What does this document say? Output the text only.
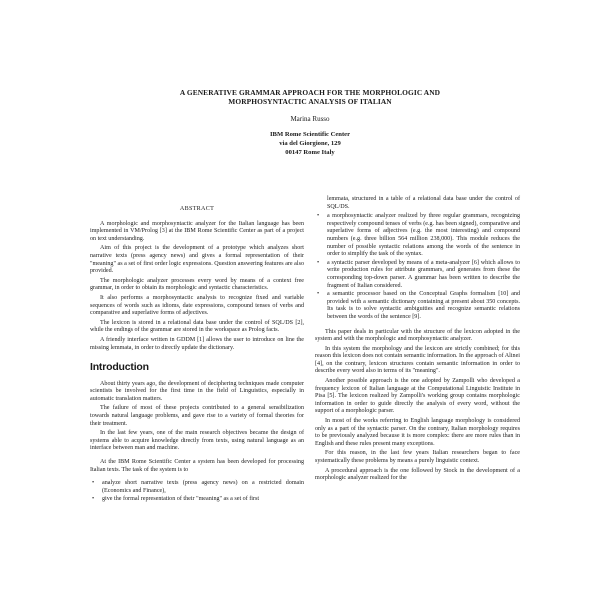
A GENERATIVE GRAMMAR APPROACH FOR THE MORPHOLOGIC AND
MORPHOSYNTACTIC ANALYSIS OF ITALIAN
Marina Russo
IBM Rome Scientific Center
via del Giorgione, 129
00147 Rome Italy
ABSTRACT

A morphologic and morphosyntactic analyzer for the Italian language has been implemented in VM/Prolog [3] at the IBM Rome Scientific Center as part of a project on text understanding.

Aim of this project is the development of a prototype which analyzes short narrative texts (press agency news) and gives a formal representation of their "meaning" as a set of first order logic expressions. Question answering features are also provided.

The morphologic analyzer processes every word by means of a context free grammar, in order to obtain its morphologic and syntactic characteristics.

It also performs a morphosyntactic analysis to recognize fixed and variable sequences of words such as idioms, date expressions, compound tenses of verbs and comparative and superlative forms of adjectives.

The lexicon is stored in a relational data base under the control of SQL/DS [2], while the endings of the grammar are stored in the workspace as Prolog facts.

A friendly interface written in GDDM [1] allows the user to introduce on line the missing lemmata, in order to directly update the dictionary.

Introduction

About thirty years ago, the development of deciphering techniques made computer scientists be involved for the first time in the field of Linguistics, especially in automatic translation matters.

The failure of most of these projects contributed to a general sensibilization towards natural language problems, and gave rise to a variety of formal theories for their treatment.

In the last few years, one of the main research objectives became the design of systems able to acquire knowledge directly from texts, using natural language as an interface between man and machine.

At the IBM Rome Scientific Center a system has been developed for processing Italian texts. The task of the system is to

• analyze short narrative texts (press agency news) on a restricted domain (Economics and Finance),
• give the formal representation of their "meaning" as a set of first

lemmata, structured in a table of a relational data base under the control of SQL/DS.

• a morphosyntactic analyzer realized by three regular grammars, recognizing respectively compound tenses of verbs (e.g. has been signed), comparative and superlative forms of adjectives (e.g. the most interesting) and compound numbers (e.g. three billion 564 million 238,000). This module reduces the number of possible syntactic relations among the words of the sentence in order to simplify the task of the syntax.
• a syntactic parser developed by means of a meta-analyzer [6] which allows to write production rules for attribute grammars, and generates from these the corresponding top-down parser. A grammar has been written to describe the fragment of Italian considered.
• a semantic processor based on the Conceptual Graphs formalism [10] and provided with a semantic dictionary containing at present about 350 concepts. Its task is to solve syntactic ambiguities and recognize semantic relations between the words of the sentence [9].

This paper deals in particular with the structure of the lexicon adopted in the system and with the morphologic and morphosyntactic analyzer.

In this system the morphology and the lexicon are strictly combined; for this reason this lexicon does not contain semantic information. In the approach of Alinei [4], on the contrary, lexicon structures contain semantic information in order to describe every word also in terms of its "meaning".

Another possible approach is the one adopted by Zampolli who developed a frequency lexicon of Italian language at the Computational Linguistic Institute in Pisa [5]. The lexicon realized by Zampolli's working group contains morphologic information in order to guide directly the analysis of every word, without the support of a morphologic parser.

In most of the works referring to English language morphology is considered only as a part of the syntactic parser. On the contrary, Italian morphology requires to be previously analyzed because it is more complex: there are more rules than in English and these rules present many exceptions.

For this reason, in the last few years Italian researchers began to face systematically these problems by means a purely linguistic context.

A procedural approach is the one followed by Stock in the development of a morphologic analyzer realized for the
